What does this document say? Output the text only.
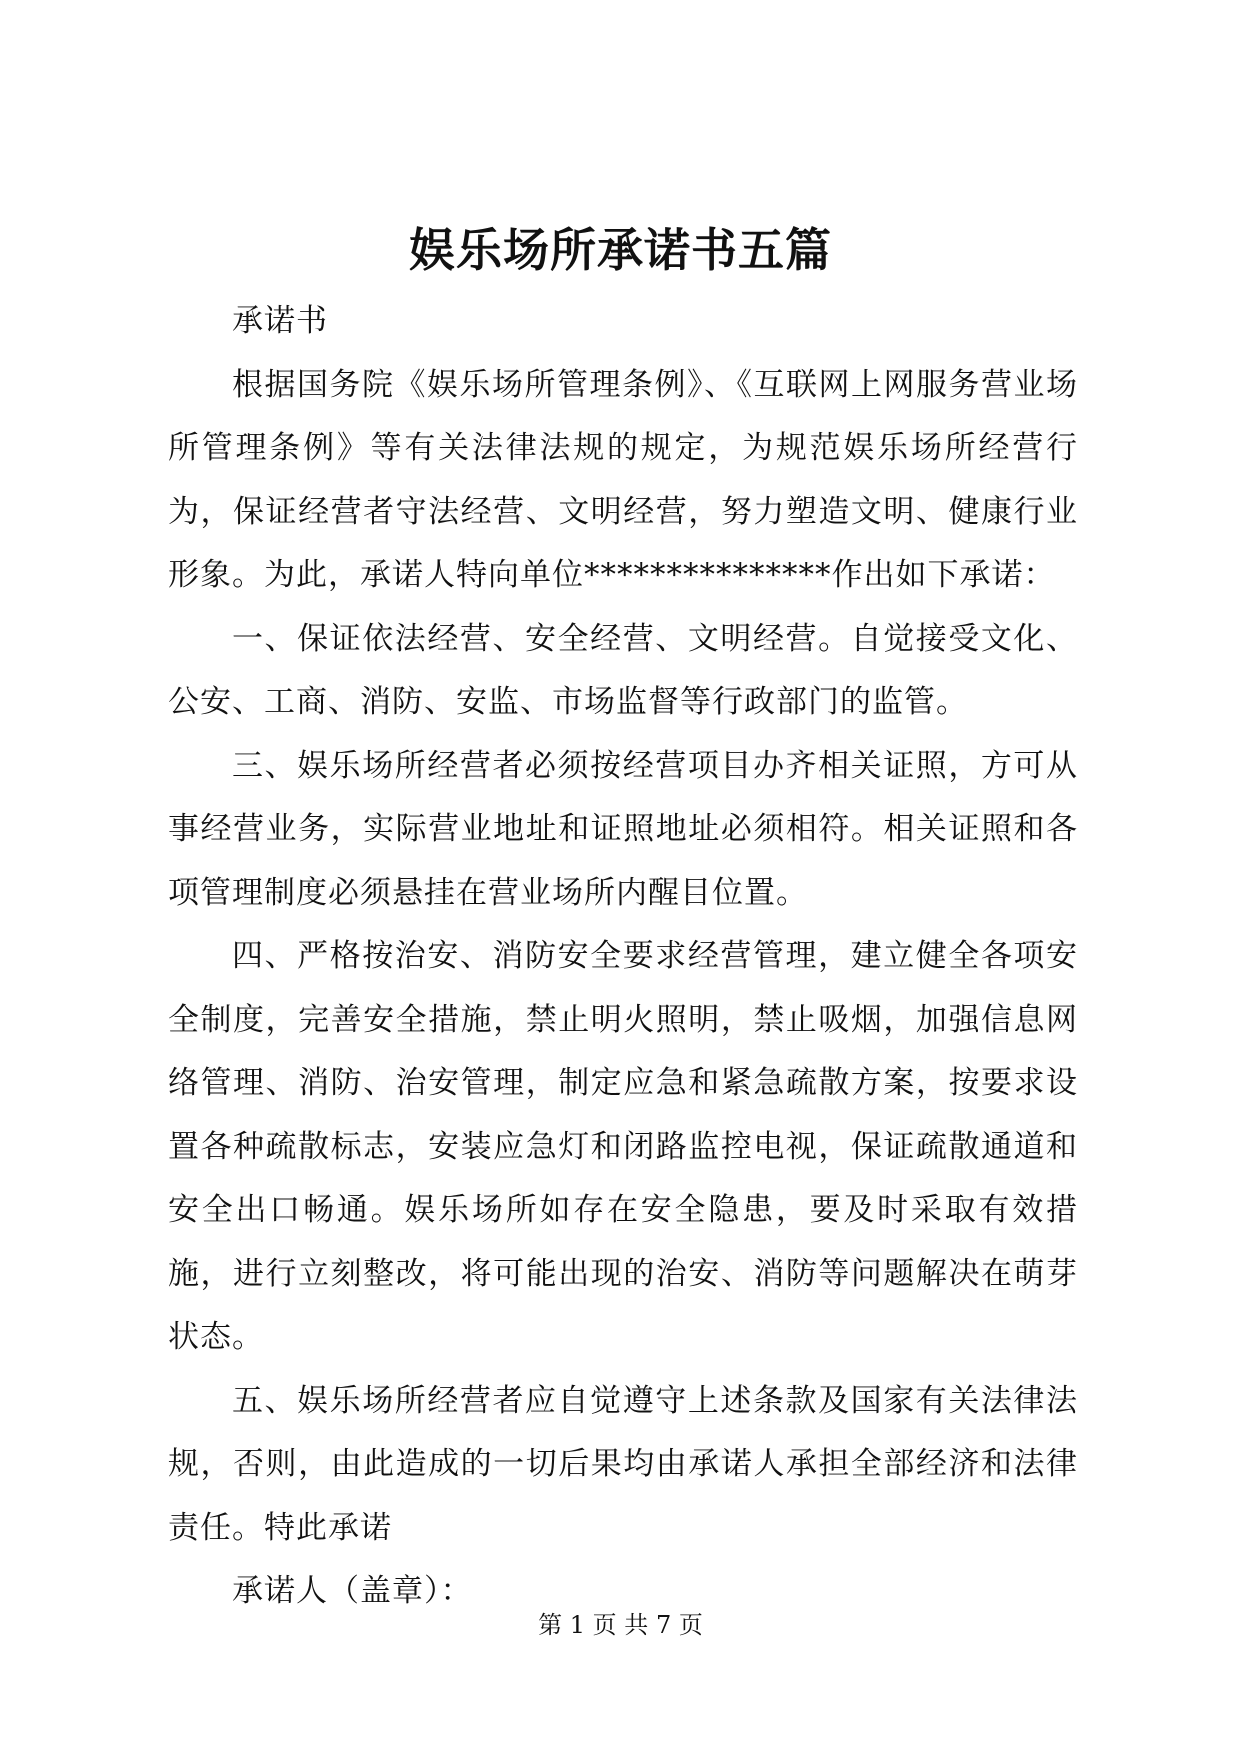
娱乐场所承诺书五篇

承诺书

根据国务院《娱乐场所管理条例》、《互联网上网服务营业场所管理条例》等有关法律法规的规定，为规范娱乐场所经营行为，保证经营者守法经营、文明经营，努力塑造文明、健康行业形象。为此，承诺人特向单位***************作出如下承诺：

一、保证依法经营、安全经营、文明经营。自觉接受文化、公安、工商、消防、安监、市场监督等行政部门的监管。

三、娱乐场所经营者必须按经营项目办齐相关证照，方可从事经营业务，实际营业地址和证照地址必须相符。相关证照和各项管理制度必须悬挂在营业场所内醒目位置。

四、严格按治安、消防安全要求经营管理，建立健全各项安全制度，完善安全措施，禁止明火照明，禁止吸烟，加强信息网络管理、消防、治安管理，制定应急和紧急疏散方案，按要求设置各种疏散标志，安装应急灯和闭路监控电视，保证疏散通道和安全出口畅通。娱乐场所如存在安全隐患，要及时采取有效措施，进行立刻整改，将可能出现的治安、消防等问题解决在萌芽状态。

五、娱乐场所经营者应自觉遵守上述条款及国家有关法律法规，否则，由此造成的一切后果均由承诺人承担全部经济和法律责任。特此承诺

承诺人（盖章）：

第 1 页 共 7 页
